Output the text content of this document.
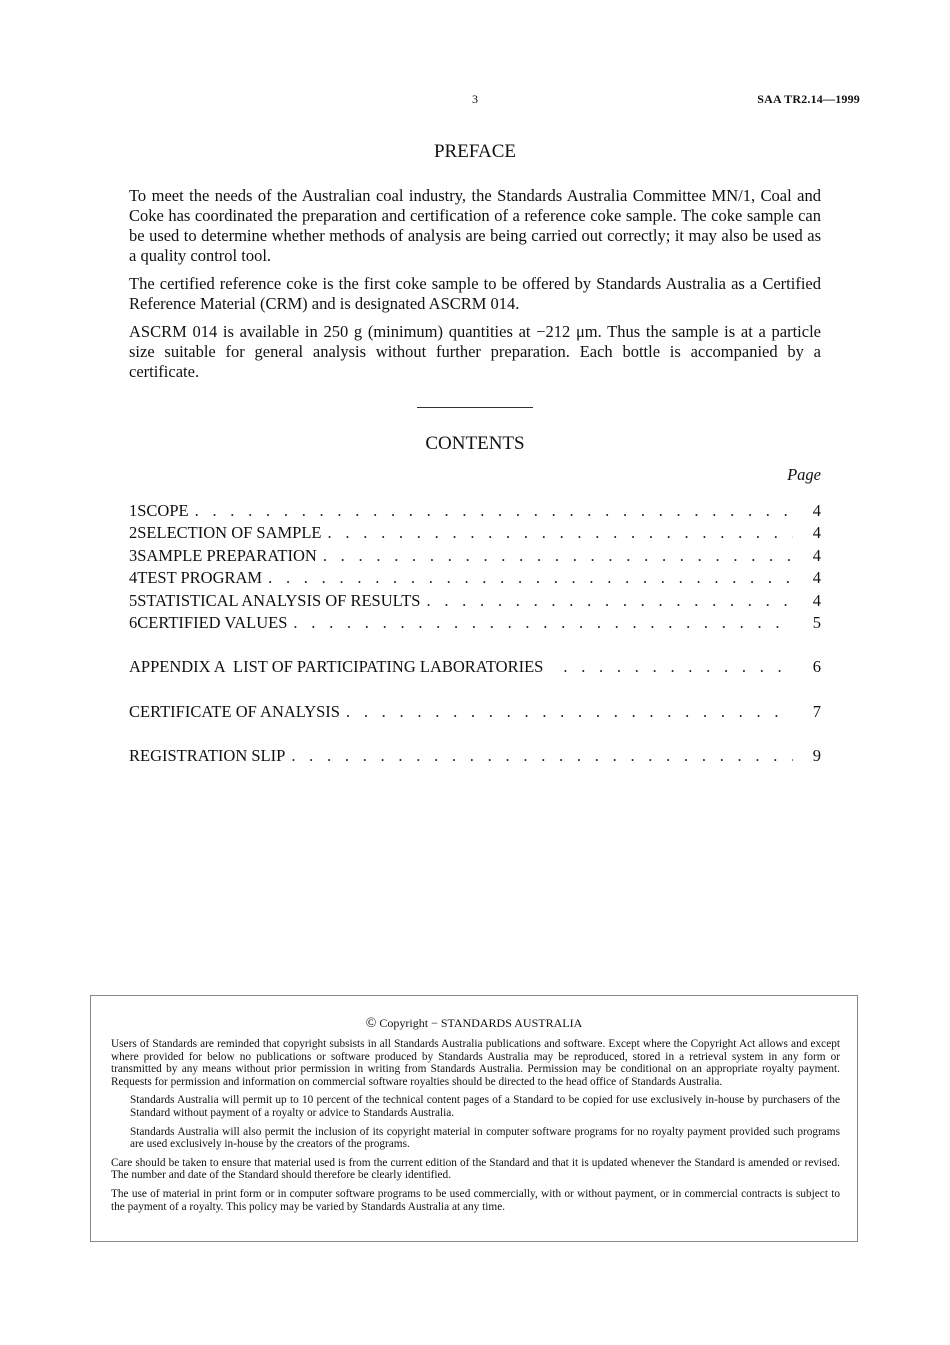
3	SAA TR2.14—1999
PREFACE

To meet the needs of the Australian coal industry, the Standards Australia Committee MN/1, Coal and Coke has coordinated the preparation and certification of a reference coke sample. The coke sample can be used to determine whether methods of analysis are being carried out correctly; it may also be used as a quality control tool.

The certified reference coke is the first coke sample to be offered by Standards Australia as a Certified Reference Material (CRM) and is designated ASCRM 014.

ASCRM 014 is available in 250 g (minimum) quantities at −212 μm. Thus the sample is at a particle size suitable for general analysis without further preparation. Each bottle is accompanied by a certificate.

CONTENTS
Page
1 SCOPE . . .	4
2 SELECTION OF SAMPLE . . .	4
3 SAMPLE PREPARATION . . .	4
4 TEST PROGRAM . . .	4
5 STATISTICAL ANALYSIS OF RESULTS . . .	4
6 CERTIFIED VALUES . . .	5
APPENDIX A  LIST OF PARTICIPATING LABORATORIES . . .	6
CERTIFICATE OF ANALYSIS . . .	7
REGISTRATION SLIP . . .	9
© Copyright − STANDARDS AUSTRALIA

Users of Standards are reminded that copyright subsists in all Standards Australia publications and software. Except where the Copyright Act allows and except where provided for below no publications or software produced by Standards Australia may be reproduced, stored in a retrieval system in any form or transmitted by any means without prior permission in writing from Standards Australia. Permission may be conditional on an appropriate royalty payment. Requests for permission and information on commercial software royalties should be directed to the head office of Standards Australia.

Standards Australia will permit up to 10 percent of the technical content pages of a Standard to be copied for use exclusively in-house by purchasers of the Standard without payment of a royalty or advice to Standards Australia.

Standards Australia will also permit the inclusion of its copyright material in computer software programs for no royalty payment provided such programs are used exclusively in-house by the creators of the programs.

Care should be taken to ensure that material used is from the current edition of the Standard and that it is updated whenever the Standard is amended or revised. The number and date of the Standard should therefore be clearly identified.

The use of material in print form or in computer software programs to be used commercially, with or without payment, or in commercial contracts is subject to the payment of a royalty. This policy may be varied by Standards Australia at any time.
